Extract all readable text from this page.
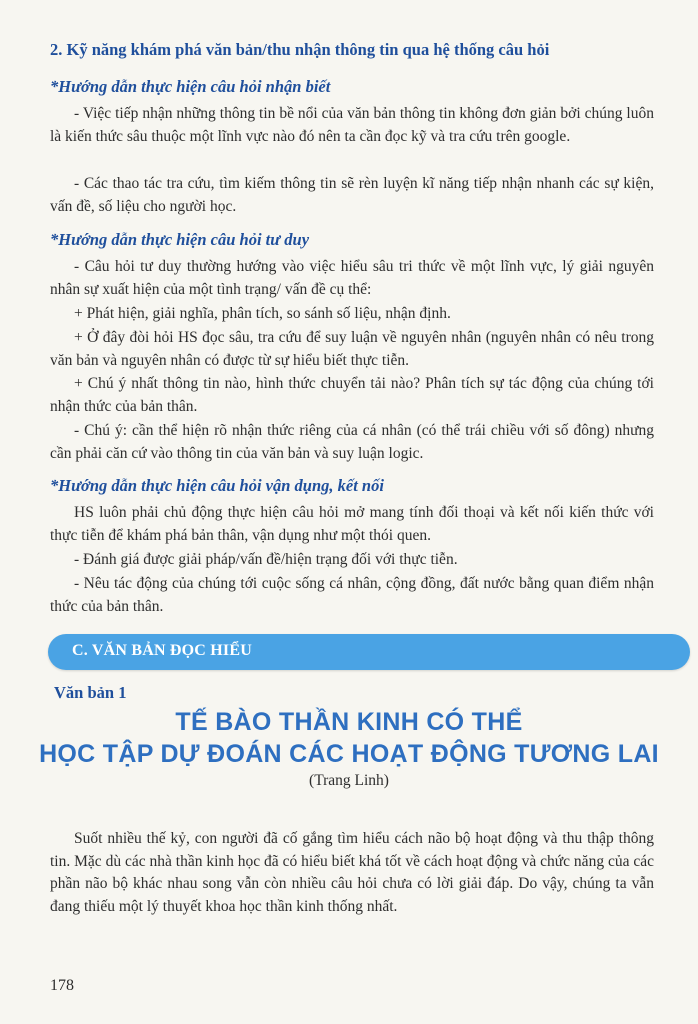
2. Kỹ năng khám phá văn bản/thu nhận thông tin qua hệ thống câu hỏi
*Hướng dẫn thực hiện câu hỏi nhận biết
- Việc tiếp nhận những thông tin bề nổi của văn bản thông tin không đơn giản bởi chúng luôn là kiến thức sâu thuộc một lĩnh vực nào đó nên ta cần đọc kỹ và tra cứu trên google.
- Các thao tác tra cứu, tìm kiếm thông tin sẽ rèn luyện kĩ năng tiếp nhận nhanh các sự kiện, vấn đề, số liệu cho người học.
*Hướng dẫn thực hiện câu hỏi tư duy
- Câu hỏi tư duy thường hướng vào việc hiểu sâu tri thức về một lĩnh vực, lý giải nguyên nhân sự xuất hiện của một tình trạng/ vấn đề cụ thể:
+ Phát hiện, giải nghĩa, phân tích, so sánh số liệu, nhận định.
+ Ở đây đòi hỏi HS đọc sâu, tra cứu để suy luận về nguyên nhân (nguyên nhân có nêu trong văn bản và nguyên nhân có được từ sự hiểu biết thực tiễn.
+ Chú ý nhất thông tin nào, hình thức chuyển tải nào? Phân tích sự tác động của chúng tới nhận thức của bản thân.
- Chú ý: cần thể hiện rõ nhận thức riêng của cá nhân (có thể trái chiều với số đông) nhưng cần phải căn cứ vào thông tin của văn bản và suy luận logic.
*Hướng dẫn thực hiện câu hỏi vận dụng, kết nối
HS luôn phải chủ động thực hiện câu hỏi mở mang tính đối thoại và kết nối kiến thức với thực tiễn để khám phá bản thân, vận dụng như một thói quen.
- Đánh giá được giải pháp/vấn đề/hiện trạng đối với thực tiễn.
- Nêu tác động của chúng tới cuộc sống cá nhân, cộng đồng, đất nước bằng quan điểm nhận thức của bản thân.
C. VĂN BẢN ĐỌC HIỂU
Văn bản 1
TẾ BÀO THẦN KINH CÓ THỂ
HỌC TẬP DỰ ĐOÁN CÁC HOẠT ĐỘNG TƯƠNG LAI
(Trang Linh)
Suốt nhiều thế kỷ, con người đã cố gắng tìm hiểu cách não bộ hoạt động và thu thập thông tin. Mặc dù các nhà thần kinh học đã có hiểu biết khá tốt về cách hoạt động và chức năng của các phần não bộ khác nhau song vẫn còn nhiều câu hỏi chưa có lời giải đáp. Do vậy, chúng ta vẫn đang thiếu một lý thuyết khoa học thần kinh thống nhất.
178
